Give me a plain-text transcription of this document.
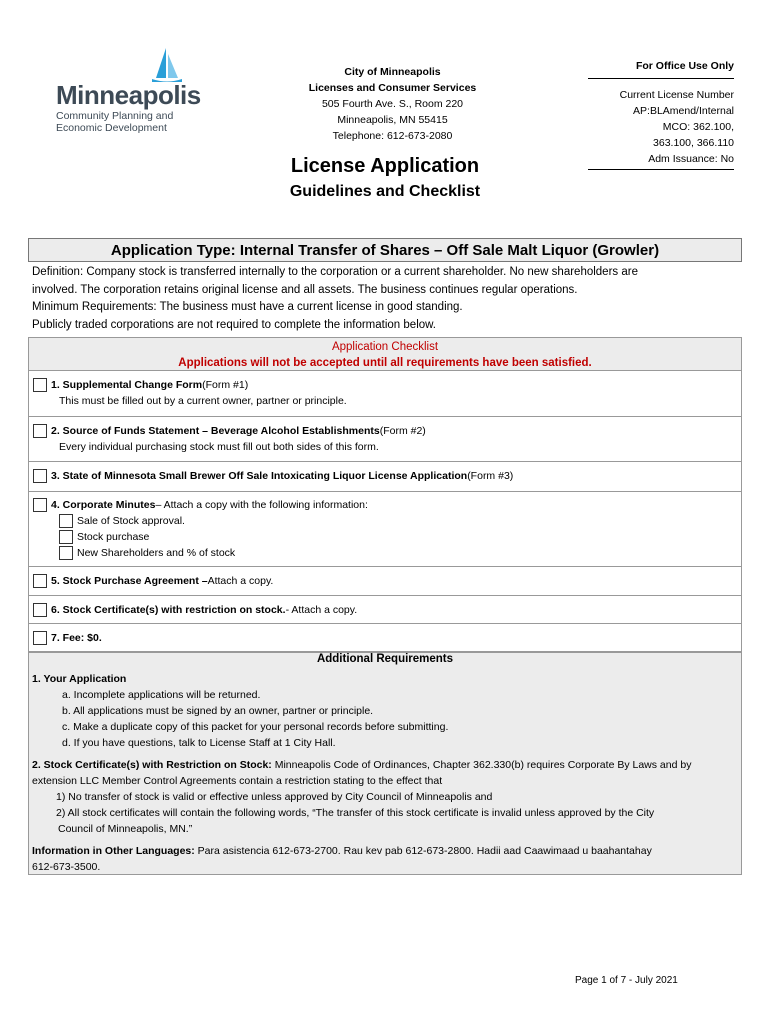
Minneapolis
Community Planning and
Economic Development
City of Minneapolis
Licenses and Consumer Services
505 Fourth Ave. S., Room 220
Minneapolis, MN 55415
Telephone: 612-673-2080
For Office Use Only
Current License Number
AP:BLAmend/Internal
MCO: 362.100,
363.100, 366.110
Adm Issuance: No
License Application
Guidelines and Checklist
Application Type: Internal Transfer of Shares – Off Sale Malt Liquor (Growler)
Definition: Company stock is transferred internally to the corporation or a current shareholder. No new shareholders are
involved. The corporation retains original license and all assets. The business continues regular operations.
Minimum Requirements: The business must have a current license in good standing.
Publicly traded corporations are not required to complete the information below.
Application Checklist
Applications will not be accepted until all requirements have been satisfied.
1. Supplemental Change Form (Form #1)
This must be filled out by a current owner, partner or principle.
2. Source of Funds Statement – Beverage Alcohol Establishments (Form #2)
Every individual purchasing stock must fill out both sides of this form.
3. State of Minnesota Small Brewer Off Sale Intoxicating Liquor License Application (Form #3)
4. Corporate Minutes – Attach a copy with the following information:
Sale of Stock approval.
Stock purchase
New Shareholders and % of stock
5. Stock Purchase Agreement – Attach a copy.
6. Stock Certificate(s) with restriction on stock. - Attach a copy.
7. Fee: $0.
Additional Requirements
1. Your Application
a. Incomplete applications will be returned.
b. All applications must be signed by an owner, partner or principle.
c. Make a duplicate copy of this packet for your personal records before submitting.
d. If you have questions, talk to License Staff at 1 City Hall.
2. Stock Certificate(s) with Restriction on Stock: Minneapolis Code of Ordinances, Chapter 362.330(b) requires Corporate By Laws and by
extension LLC Member Control Agreements contain a restriction stating to the effect that
1) No transfer of stock is valid or effective unless approved by City Council of Minneapolis and
2) All stock certificates will contain the following words, “The transfer of this stock certificate is invalid unless approved by the City
Council of Minneapolis, MN.”
Information in Other Languages: Para asistencia 612-673-2700. Rau kev pab 612-673-2800. Hadii aad Caawimaad u baahantahay
612-673-3500.
Page 1 of 7 - July 2021
